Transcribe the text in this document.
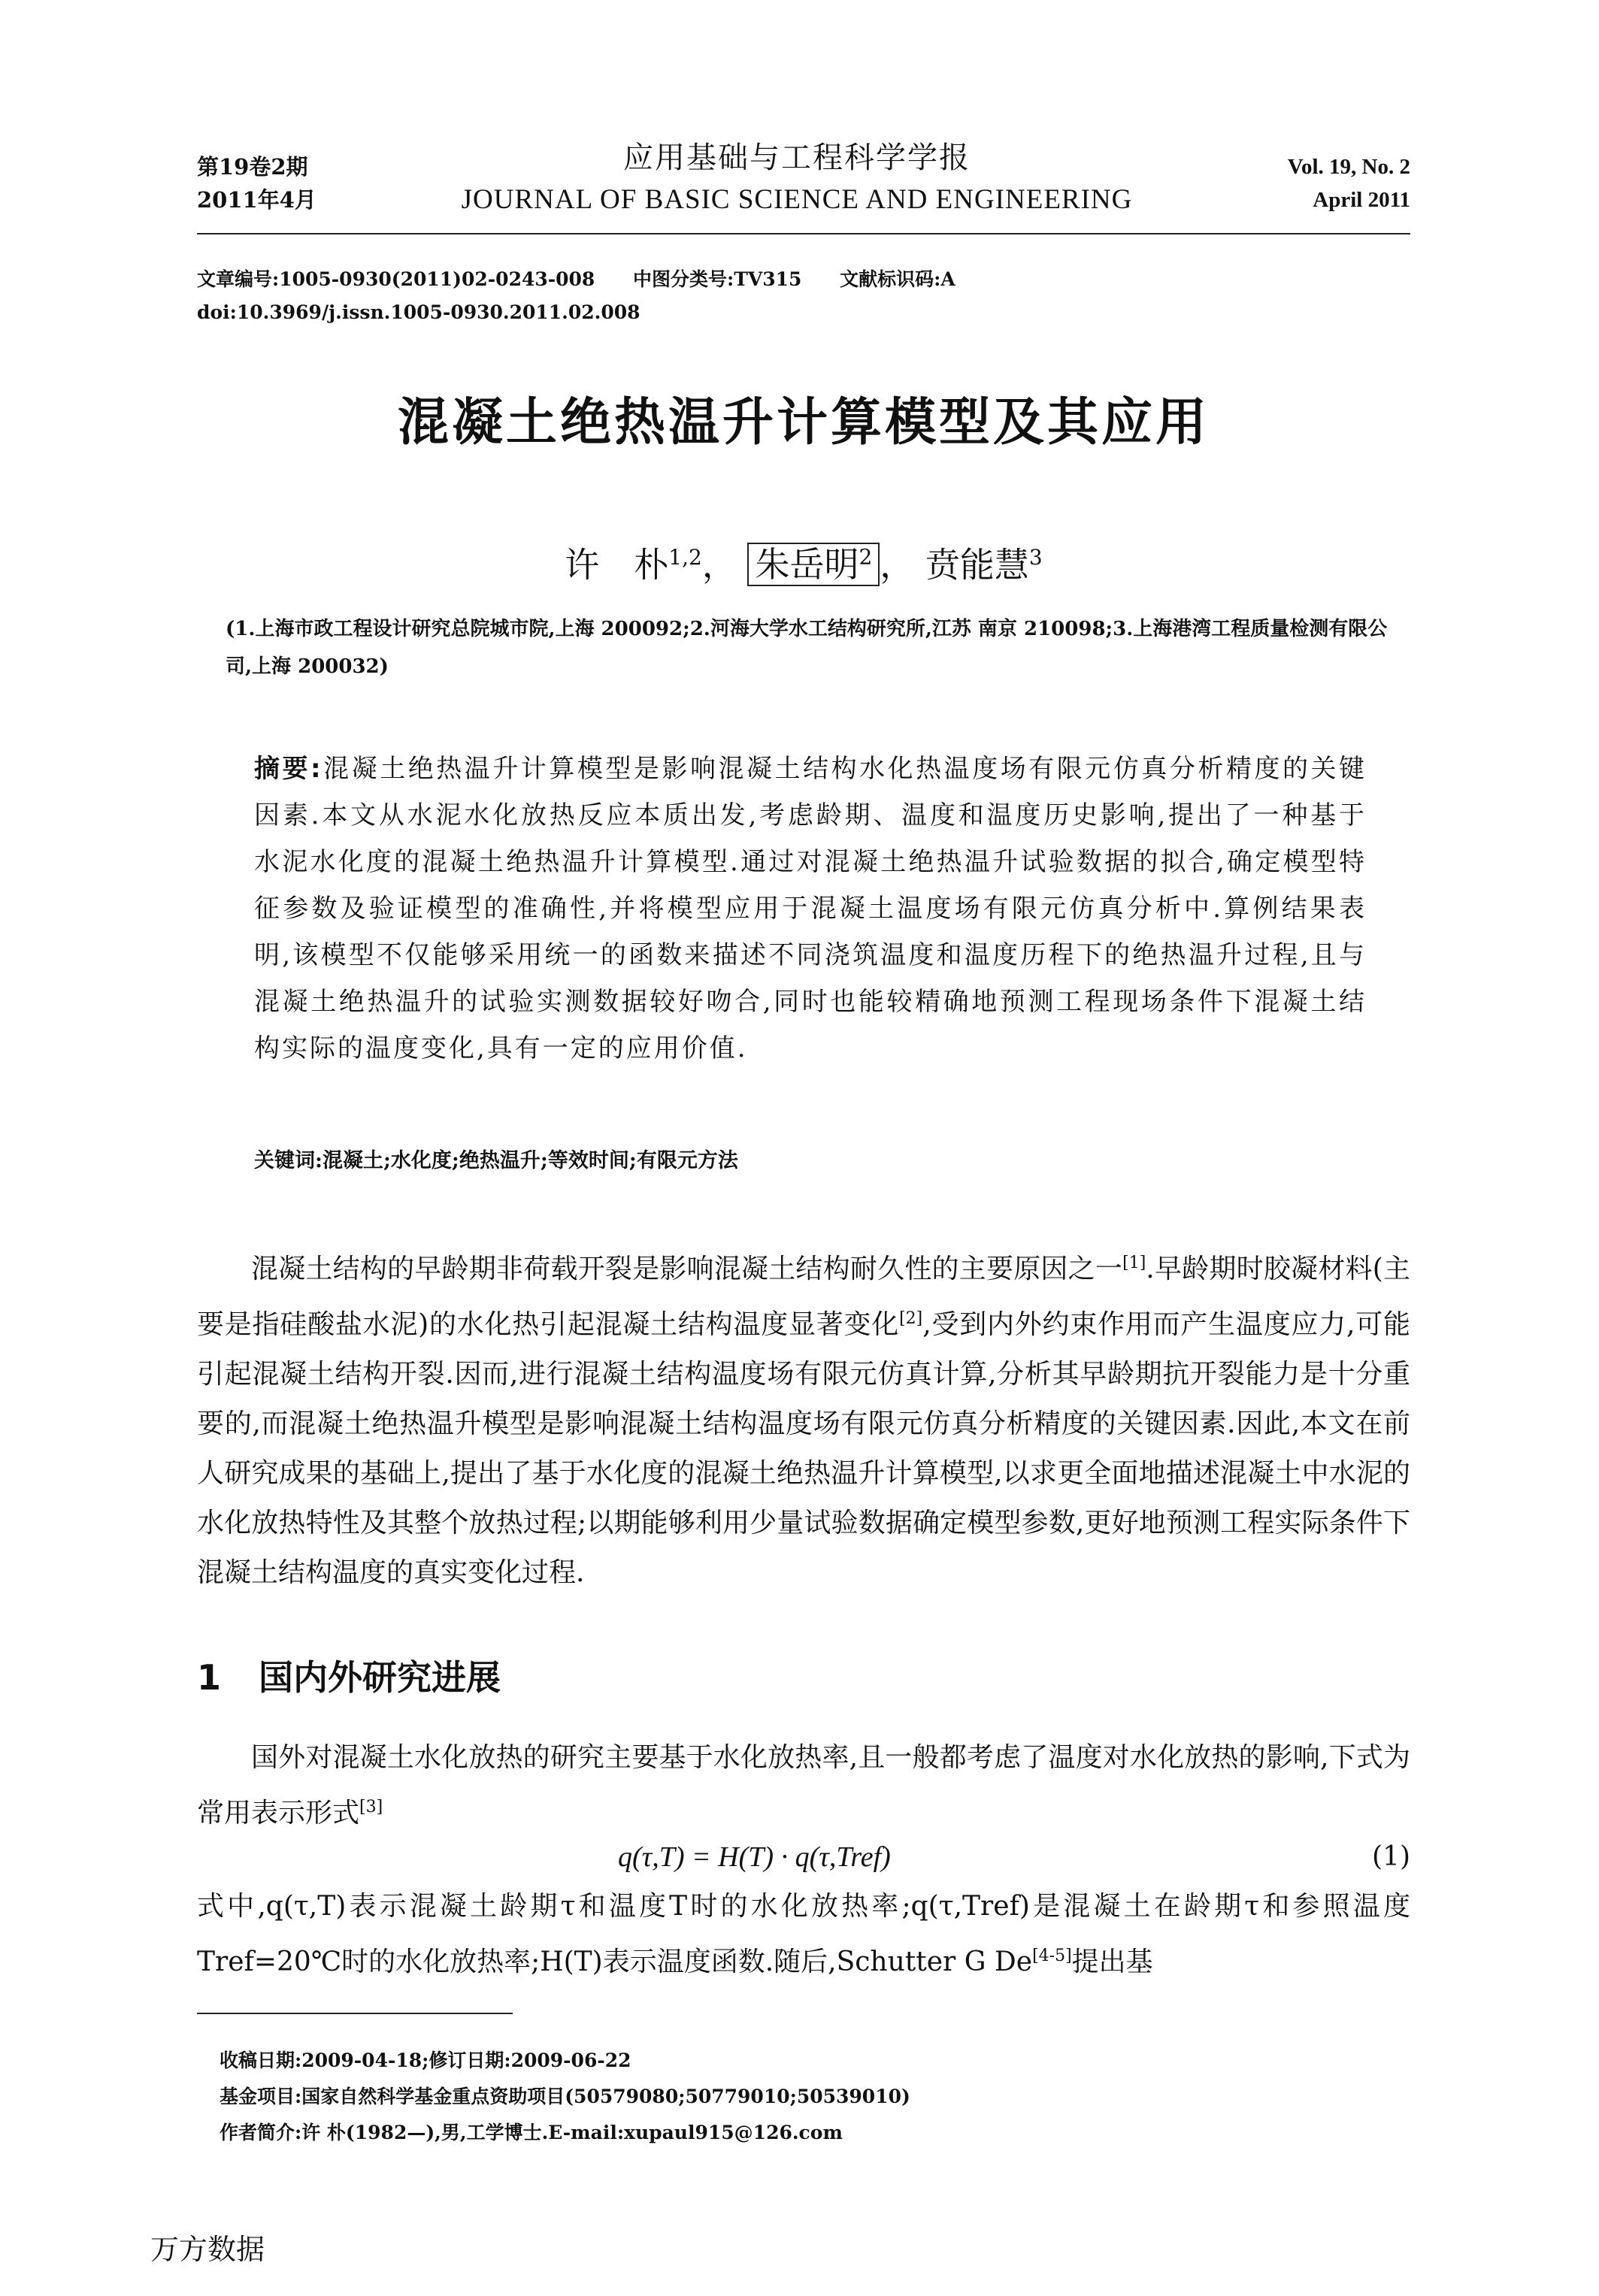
第19卷2期
2011年4月
应用基础与工程科学学报
JOURNAL OF BASIC SCIENCE AND ENGINEERING
Vol. 19, No. 2
April 2011
文章编号:1005-0930(2011)02-0243-008 中图分类号:TV315 文献标识码:A
doi:10.3969/j.issn.1005-0930.2011.02.008
混凝土绝热温升计算模型及其应用
许　朴$^{1,2}$， 朱岳明$^2$ ， 贲能慧$^3$
(1.上海市政工程设计研究总院城市院,上海 200092;2.河海大学水工结构研究所,江苏 南京 210098;3.上海港湾工程质量检测有限公司,上海 200032)
摘要:混凝土绝热温升计算模型是影响混凝土结构水化热温度场有限元仿真分析精度的关键因素.本文从水泥水化放热反应本质出发,考虑龄期、温度和温度历史影响,提出了一种基于水泥水化度的混凝土绝热温升计算模型.通过对混凝土绝热温升试验数据的拟合,确定模型特征参数及验证模型的准确性,并将模型应用于混凝土温度场有限元仿真分析中.算例结果表明,该模型不仅能够采用统一的函数来描述不同浇筑温度和温度历程下的绝热温升过程,且与混凝土绝热温升的试验实测数据较好吻合,同时也能较精确地预测工程现场条件下混凝土结构实际的温度变化,具有一定的应用价值.
关键词:混凝土;水化度;绝热温升;等效时间;有限元方法

混凝土结构的早龄期非荷载开裂是影响混凝土结构耐久性的主要原因之一[1].早龄期时胶凝材料(主要是指硅酸盐水泥)的水化热引起混凝土结构温度显著变化[2],受到内外约束作用而产生温度应力,可能引起混凝土结构开裂.因而,进行混凝土结构温度场有限元仿真计算,分析其早龄期抗开裂能力是十分重要的,而混凝土绝热温升模型是影响混凝土结构温度场有限元仿真分析精度的关键因素.因此,本文在前人研究成果的基础上,提出了基于水化度的混凝土绝热温升计算模型,以求更全面地描述混凝土中水泥的水化放热特性及其整个放热过程;以期能够利用少量试验数据确定模型参数,更好地预测工程实际条件下混凝土结构温度的真实变化过程.

1 国内外研究进展

国外对混凝土水化放热的研究主要基于水化放热率,且一般都考虑了温度对水化放热的影响,下式为常用表示形式[3]

q(τ,T) = H(T) · q(τ,Tref)	(1)

式中,q(τ,T)表示混凝土龄期τ和温度T时的水化放热率;q(τ,Tref)是混凝土在龄期τ和参照温度Tref=20℃时的水化放热率;H(T)表示温度函数.随后,Schutter G De[4-5]提出基

收稿日期:2009-04-18;修订日期:2009-06-22
基金项目:国家自然科学基金重点资助项目(50579080;50779010;50539010)
作者简介:许 朴(1982—),男,工学博士.E-mail:xupaul915@126.com
万方数据
